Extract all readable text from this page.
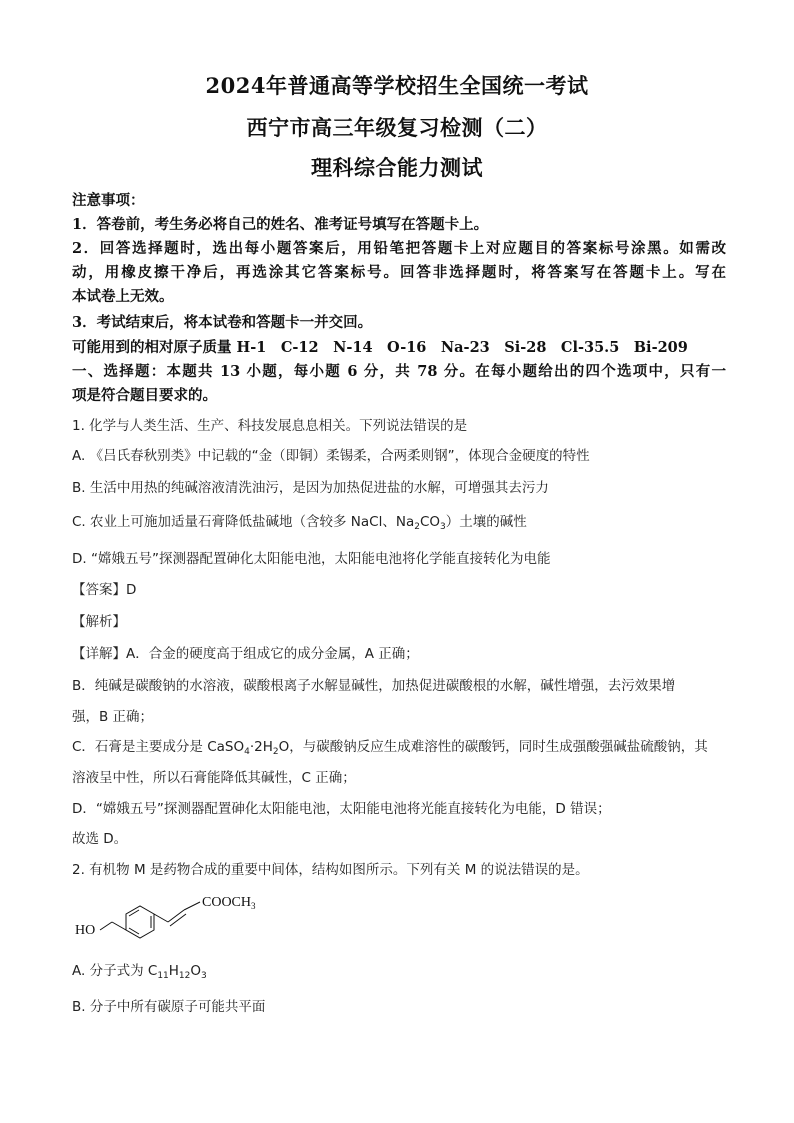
2024年普通高等学校招生全国统一考试
西宁市高三年级复习检测（二）
理科综合能力测试
注意事项：
1．答卷前，考生务必将自己的姓名、准考证号填写在答题卡上。
2．回答选择题时，选出每小题答案后，用铅笔把答题卡上对应题目的答案标号涂黑。如需改
动，用橡皮擦干净后，再选涂其它答案标号。回答非选择题时，将答案写在答题卡上。写在
本试卷上无效。
3．考试结束后，将本试卷和答题卡一并交回。
可能用到的相对原子质量 H-1　C-12　N-14　O-16　Na-23　Si-28　Cl-35.5　Bi-209
一、选择题：本题共 13 小题，每小题 6 分，共 78 分。在每小题给出的四个选项中，只有一
项是符合题目要求的。
1. 化学与人类生活、生产、科技发展息息相关。下列说法错误的是
A. 《吕氏春秋别类》中记载的“金（即铜）柔锡柔，合两柔则钢”，体现合金硬度的特性
B. 生活中用热的纯碱溶液清洗油污，是因为加热促进盐的水解，可增强其去污力
C. 农业上可施加适量石膏降低盐碱地（含较多 NaCl、$Na_2CO_3$）土壤的碱性
D. “嫦娥五号”探测器配置砷化太阳能电池，太阳能电池将化学能直接转化为电能
【答案】D
【解析】
【详解】A．合金的硬度高于组成它的成分金属，A 正确；
B．纯碱是碳酸钠的水溶液，碳酸根离子水解显碱性，加热促进碳酸根的水解，碱性增强，去污效果增
强，B 正确；
C．石膏是主要成分是 $CaSO_4\cdot 2H_2O$，与碳酸钠反应生成难溶性的碳酸钙，同时生成强酸强碱盐硫酸钠，其
溶液呈中性，所以石膏能降低其碱性，C 正确；
D．“嫦娥五号”探测器配置砷化太阳能电池，太阳能电池将光能直接转化为电能，D 错误；
故选 D。
2. 有机物 M 是药物合成的重要中间体，结构如图所示。下列有关 M 的说法错误的是。
HO
$COOCH_3$
A. 分子式为 $C_{11}H_{12}O_3$
B. 分子中所有碳原子可能共平面
